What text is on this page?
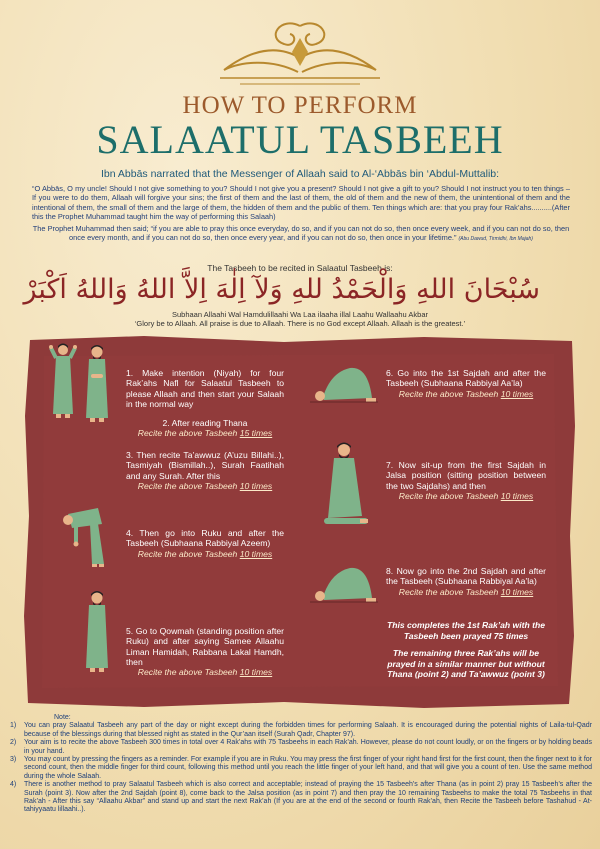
HOW TO PERFORM
SALAATUL TASBEEH
Ibn Abbās narrated that the Messenger of Allaah said to Al-‘Abbās bin ‘Abdul-Muttalib:
“O Abbās, O my uncle! Should I not give something to you? Should I not give you a present? Should I not give a gift to you? Should I not instruct you to ten things – If you were to do them, Allaah will forgive your sins; the first of them and the last of them, the old of them and the new of them, the unintentional of them and the intentional of them, the small of them and the large of them, the hidden of them and the public of them. Ten things which are: that you pray four Rak’ahs..........(After this the Prophet Muhammad taught him the way of performing this Salaah)
The Prophet Muhammad then said; “if you are able to pray this once everyday, do so, and if you can not do so, then once every week, and if you can not do so, then once every month, and if you can not do so, then once every year, and if you can not do so, then once in your lifetime.” (Abu Dawud, Tirmidhi, Ibn Majah)
The Tasbeeh to be recited in Salaatul Tasbeeh is:
سُبْحَانَ اللهِ وَالْحَمْدُ للهِ وَلآ اِلٰهَ اِلاَّ اللهُ وَاللهُ اَكْبَرْ
Subhaan Allaahi Wal Hamdulillaahi Wa Laa ilaaha illal Laahu Wallaahu Akbar
‘Glory be to Allaah. All praise is due to Allaah. There is no God except Allaah. Allaah is the greatest.’
1. Make intention (Niyah) for four Rak’ahs Nafl for Salaatul Tasbeeh to please Allaah and then start your Salaah in the normal way
2. After reading Thana
Recite the above Tasbeeh 15 times
3. Then recite Ta’awwuz (A’uzu Billahi..), Tasmiyah (Bismillah..), Surah Faatihah and any Surah. After this
Recite the above Tasbeeh 10 times
4. Then go into Ruku and after the Tasbeeh (Subhaana Rabbiyal Azeem)
Recite the above Tasbeeh 10 times
5. Go to Qowmah (standing position after Ruku) and after saying Samee Allaahu Liman Hamidah, Rabbana Lakal Hamdh, then
Recite the above Tasbeeh 10 times
6. Go into the 1st Sajdah and after the Tasbeeh (Subhaana Rabbiyal Aa’la)
Recite the above Tasbeeh 10 times
7. Now sit-up from the first Sajdah in Jalsa position (sitting position between the two Sajdahs) and then
Recite the above Tasbeeh 10 times
8. Now go into the 2nd Sajdah and after the Tasbeeh (Subhaana Rabbiyal Aa’la)
Recite the above Tasbeeh 10 times
This completes the 1st Rak’ah with the Tasbeeh been prayed 75 times
The remaining three Rak’ahs will be prayed in a similar manner but without Thana (point 2) and Ta’awwuz (point 3)
Note:
1)	You can pray Salaatul Tasbeeh any part of the day or night except during the forbidden times for performing Salaah. It is encouraged during the potential nights of Laila-tul-Qadr because of the blessings during that blessed night as stated in the Qur’aan itself (Surah Qadr, Chapter 97).
2)	Your aim is to recite the above Tasbeeh 300 times in total over 4 Rak’ahs with 75 Tasbeehs in each Rak’ah. However, please do not count loudly, or on the fingers or by holding beads in your hand.
3)	You may count by pressing the fingers as a reminder. For example if you are in Ruku. You may press the first finger of your right hand first for the first count, then the finger next to it for second count, then the middle finger for third count, following this method until you reach the little finger of your left hand, and that will give you a count of ten. Use the same method during the whole Salaah.
4)	There is another method to pray Salaatul Tasbeeh which is also correct and acceptable; instead of praying the 15 Tasbeeh’s after Thana (as in point 2) pray 15 Tasbeeh’s after the Surah (point 3). Now after the 2nd Sajdah (point 8), come back to the Jalsa position (as in point 7) and then pray the 10 remaining Tasbeehs to make the total 75 Tasbeehs in that Rak’ah - After this say “Allaahu Akbar” and stand up and start the next Rak’ah (If you are at the end of the second or fourth Rak’ah, then Recite the Tasbeeh before Tashahud - At-tahiyyaatu lillaahi..).
